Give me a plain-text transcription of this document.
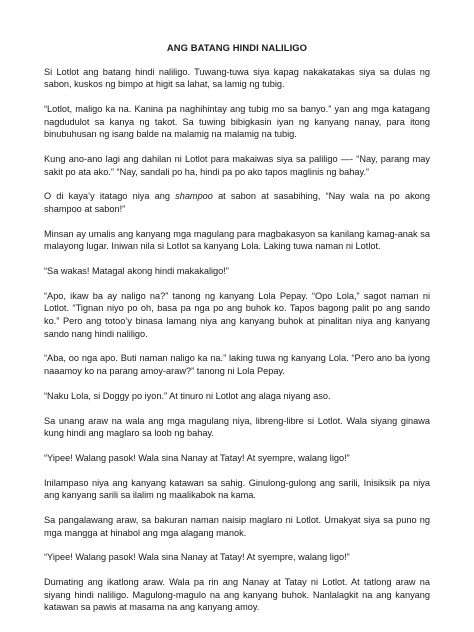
ANG BATANG HINDI NALILIGO

Si Lotlot ang batang hindi naliligo. Tuwang-tuwa siya kapag nakakatakas siya sa dulas ng sabon, kuskos ng bimpo at higit sa lahat, sa lamig ng tubig.

“Lotlot, maligo ka na. Kanina pa naghihintay ang tubig mo sa banyo.” yan ang mga katagang nagdudulot sa kanya ng takot. Sa tuwing bibigkasin iyan ng kanyang nanay, para itong binubuhusan ng isang balde na malamig na malamig na tubig.

Kung ano-ano lagi ang dahilan ni Lotlot para makaiwas siya sa paliligo —- “Nay, parang may sakit po ata ako.” “Nay, sandali po ha, hindi pa po ako tapos maglinis ng bahay.”

O di kaya’y itatago niya ang shampoo at sabon at sasabihing, “Nay wala na po akong shampoo at sabon!”

Minsan ay umalis ang kanyang mga magulang para magbakasyon sa kanilang kamag-anak sa malayong lugar. Iniwan nila si Lotlot sa kanyang Lola. Laking tuwa naman ni Lotlot.

“Sa wakas! Matagal akong hindi makakaligo!”

“Apo, ikaw ba ay naligo na?” tanong ng kanyang Lola Pepay. “Opo Lola,” sagot naman ni Lotlot. “Tignan niyo po oh, basa pa nga po ang buhok ko. Tapos bagong palit po ang sando ko.” Pero ang totoo’y binasa lamang niya ang kanyang buhok at pinalitan niya ang kanyang sando nang hindi naliligo.

“Aba, oo nga apo. Buti naman naligo ka na.” laking tuwa ng kanyang Lola. “Pero ano ba iyong naaamoy ko na parang amoy-araw?” tanong ni Lola Pepay.

“Naku Lola, si Doggy po iyon.” At tinuro ni Lotlot ang alaga niyang aso.

Sa unang araw na wala ang mga magulang niya, libreng-libre si Lotlot. Wala siyang ginawa kung hindi ang maglaro sa loob ng bahay.

“Yipee! Walang pasok! Wala sina Nanay at Tatay! At syempre, walang ligo!”

Inilampaso niya ang kanyang katawan sa sahig. Ginulong-gulong ang sarili, Inisiksik pa niya ang kanyang sarili sa ilalim ng maalikabok na kama.

Sa pangalawang araw, sa bakuran naman naisip maglaro ni Lotlot. Umakyat siya sa puno ng mga mangga at hinabol ang mga alagang manok.

“Yipee! Walang pasok! Wala sina Nanay at Tatay! At syempre, walang ligo!”

Dumating ang ikatlong araw. Wala pa rin ang Nanay at Tatay ni Lotlot. At tatlong araw na siyang hindi naliligo. Magulong-magulo na ang kanyang buhok. Nanlalagkit na ang kanyang katawan sa pawis at masama na ang kanyang amoy.
